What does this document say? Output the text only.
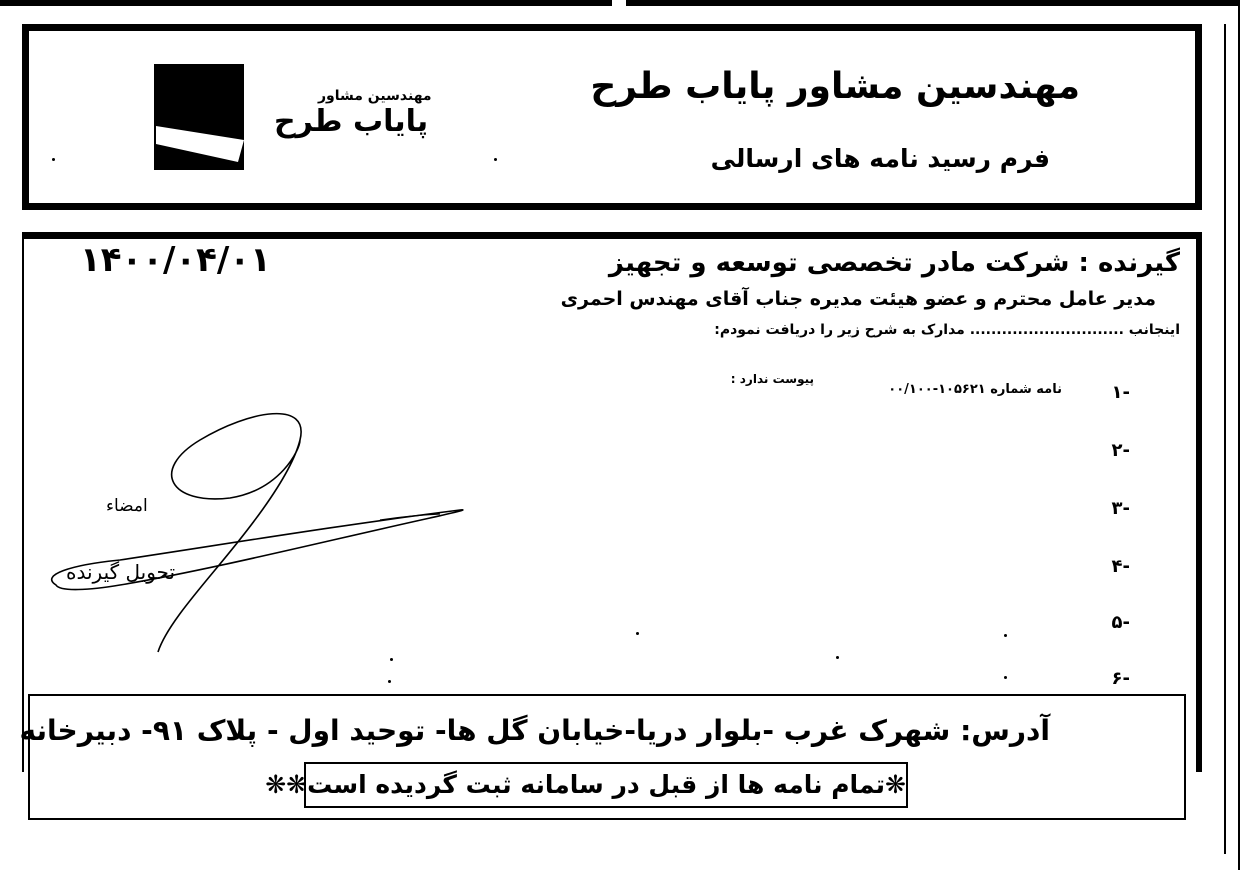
مهندسین مشاور پایاب طرح
فرم رسید نامه های ارسالی
مهندسین مشاور
پایاب طرح
گیرنده : شرکت مادر تخصصی توسعه و تجهیز
۱۴۰۰/۰۴/۰۱
مدیر عامل محترم و عضو هیئت مدیره جناب آقای مهندس احمری
اینجانب ............................. مدارک به شرح زیر را دریافت نمودم:
-۱
نامه شماره ۱۰۵۶۲۱-۰۰/۱۰۰
پیوست ندارد :
-۲
-۳
-۴
-۵
-۶
امضاء
تحویل گیرنده
آدرس: شهرک غرب -بلوار دریا-خیابان گل ها- توحید اول - پلاک ۹۱- دبیرخانه
❋تمام نامه ها از قبل در سامانه ثبت گردیده است❋❋
